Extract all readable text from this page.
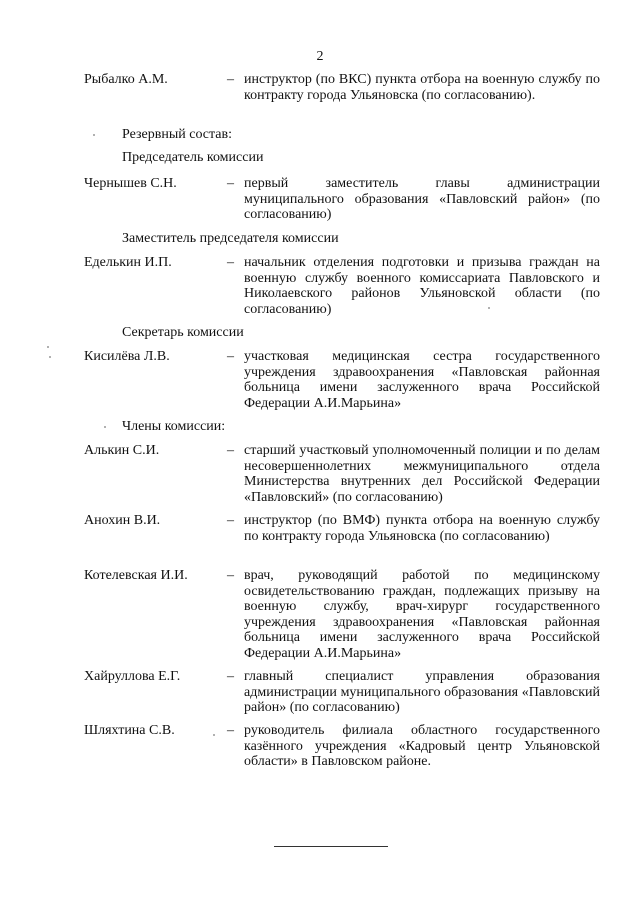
2
Рыбалко А.М.	– инструктор (по ВКС) пункта отбора на военную службу по контракту города Ульяновска (по согласованию).
Резервный состав:
Председатель комиссии
Чернышев С.Н.	– первый заместитель главы администрации муниципального образования «Павловский район» (по согласованию)
Заместитель председателя комиссии
Еделькин И.П.	– начальник отделения подготовки и призыва граждан на военную службу военного комиссариата Павловского и Николаевского районов Ульяновской области (по согласованию)
Секретарь комиссии
Кисилёва Л.В.	– участковая медицинская сестра государственного учреждения здравоохранения «Павловская районная больница имени заслуженного врача Российской Федерации А.И.Марьина»
Члены комиссии:
Алькин С.И.	– старший участковый уполномоченный полиции и по делам несовершеннолетних межмуниципального отдела Министерства внутренних дел Российской Федерации «Павловский» (по согласованию)
Анохин В.И.	– инструктор (по ВМФ) пункта отбора на военную службу по контракту города Ульяновска (по согласованию)
Котелевская И.И.	– врач, руководящий работой по медицинскому освидетельствованию граждан, подлежащих призыву на военную службу, врач-хирург государственного учреждения здравоохранения «Павловская районная больница имени заслуженного врача Российской Федерации А.И.Марьина»
Хайруллова Е.Г.	– главный специалист управления образования администрации муниципального образования «Павловский район» (по согласованию)
Шляхтина С.В.	– руководитель филиала областного государственного казённого учреждения «Кадровый центр Ульяновской области» в Павловском районе.
